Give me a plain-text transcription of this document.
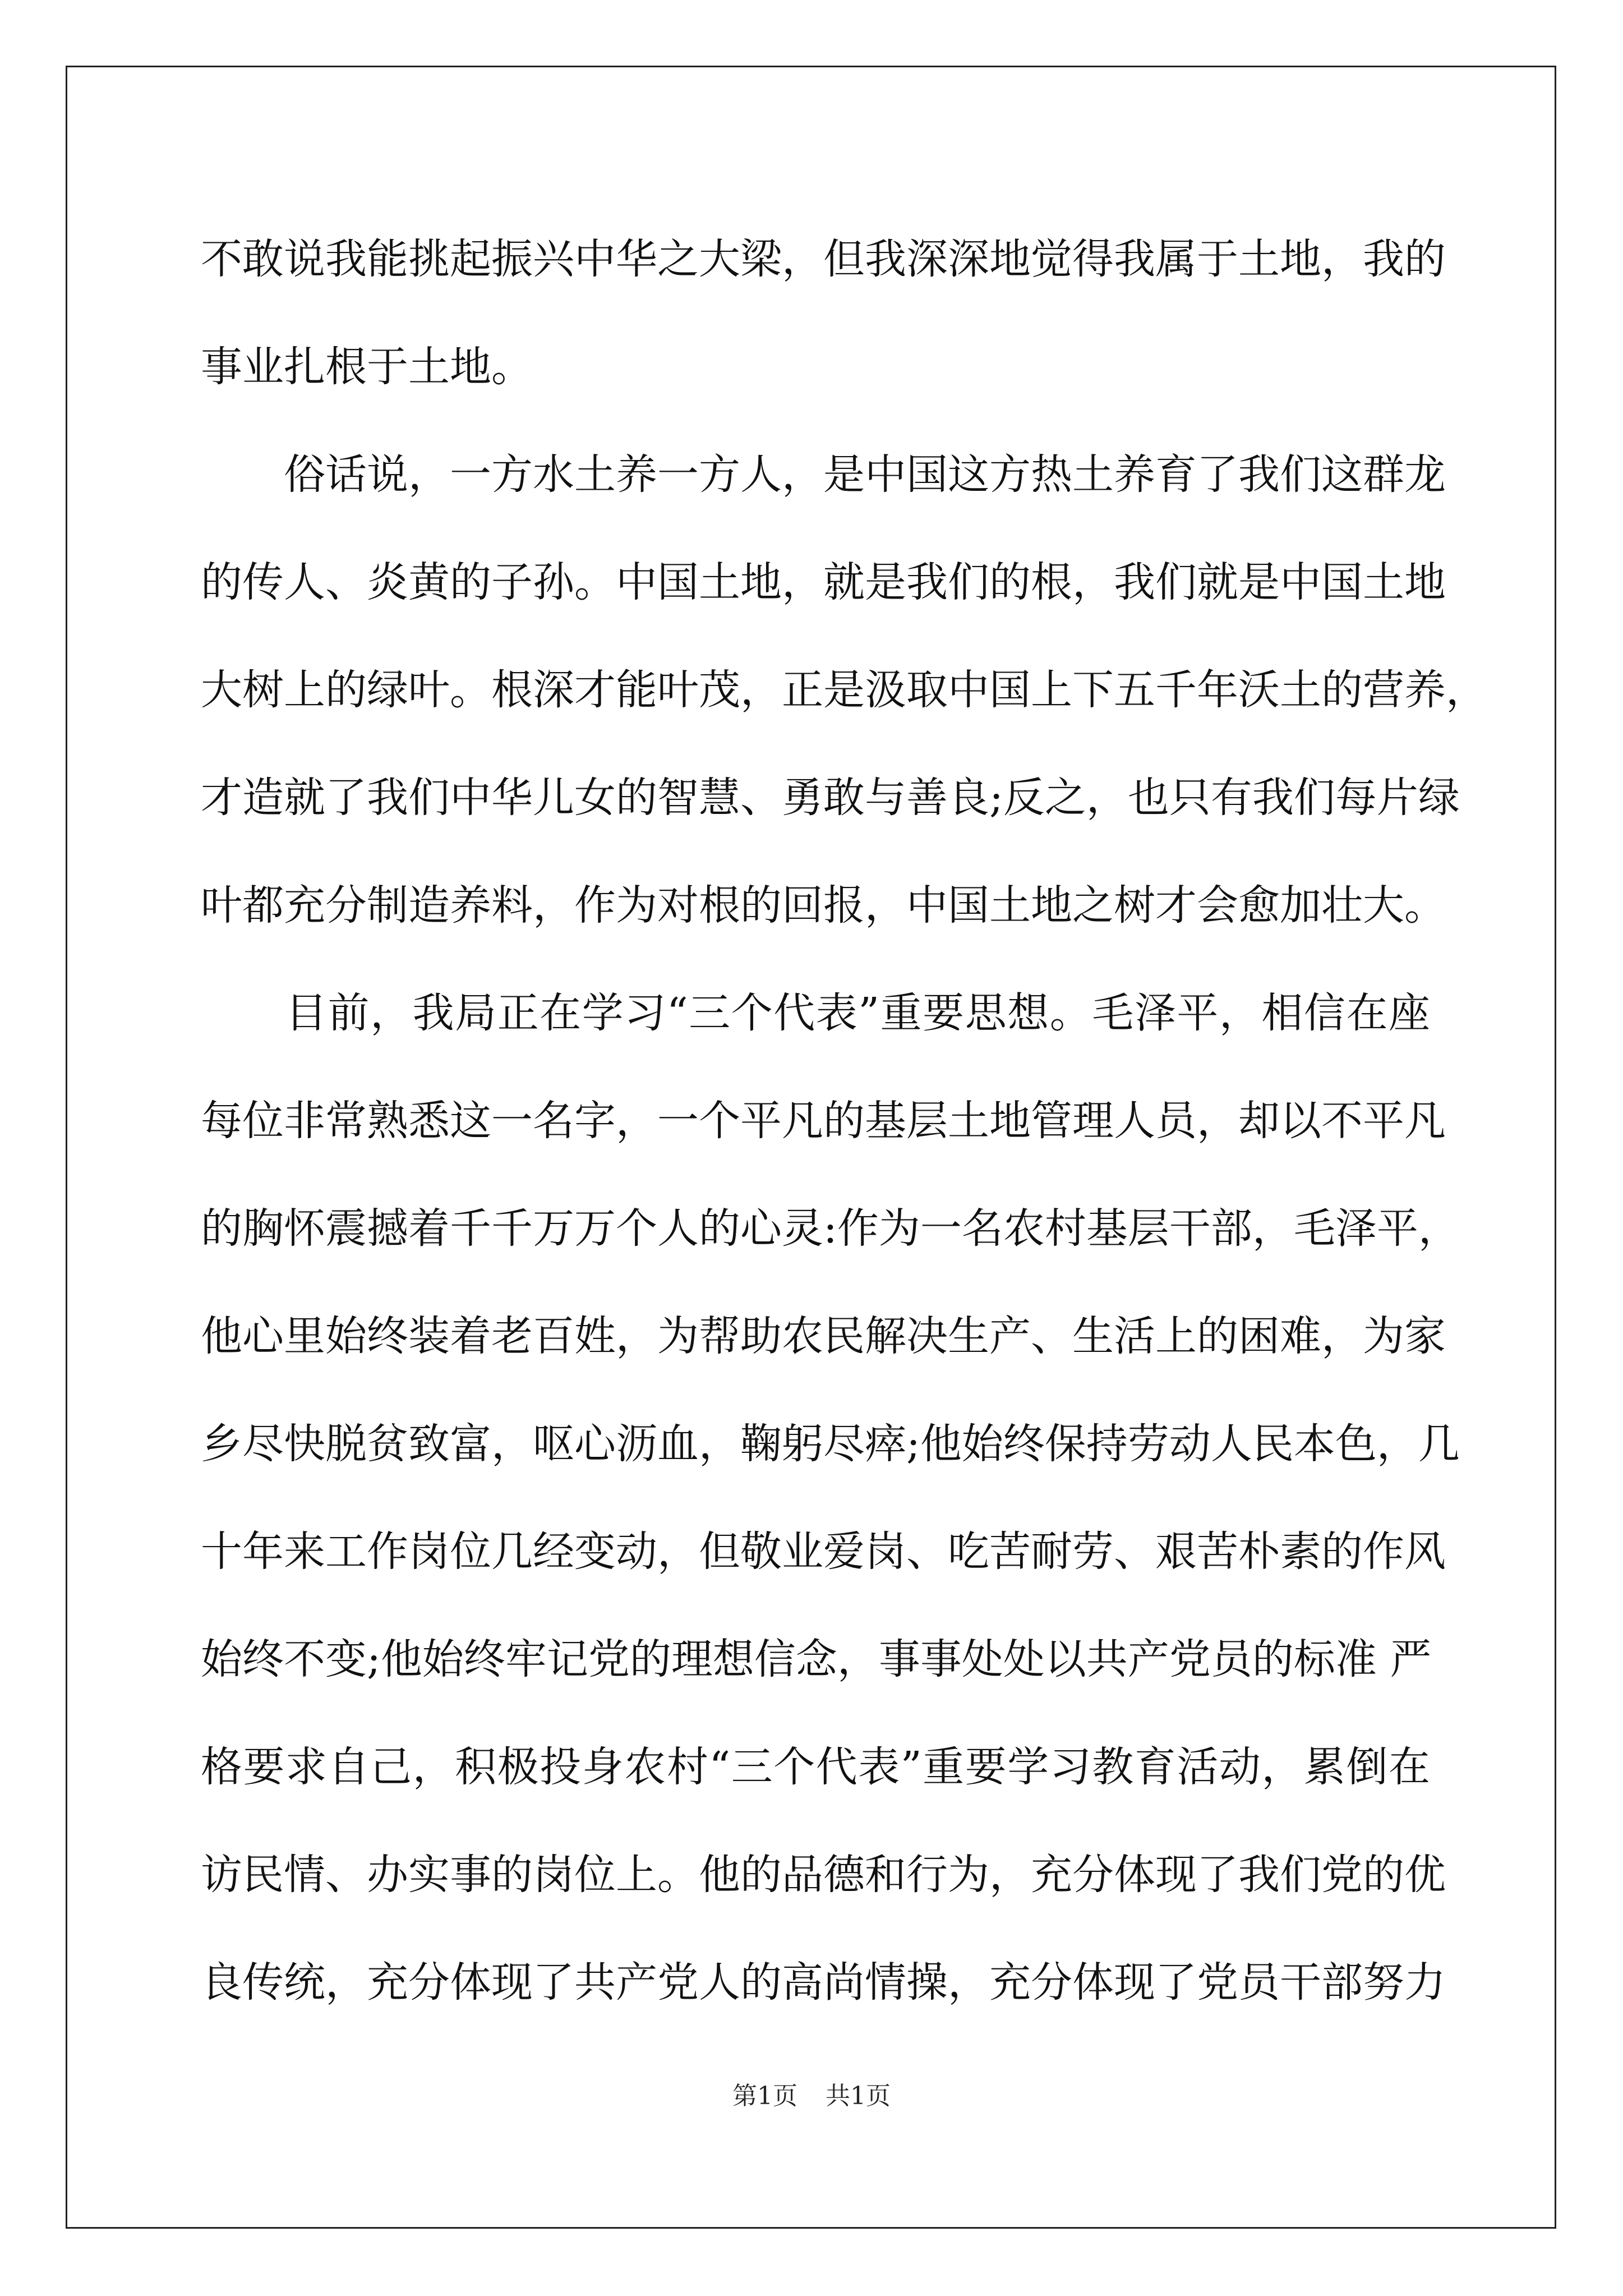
不敢说我能挑起振兴中华之大梁，但我深深地觉得我属于土地，我的
事业扎根于土地。
　　俗话说，一方水土养一方人，是中国这方热土养育了我们这群龙
的传人、炎黄的子孙。中国土地，就是我们的根，我们就是中国土地
大树上的绿叶。根深才能叶茂，正是汲取中国上下五千年沃土的营养，
才造就了我们中华儿女的智慧、勇敢与善良;反之，也只有我们每片绿
叶都充分制造养料，作为对根的回报，中国土地之树才会愈加壮大。
　　目前，我局正在学习“三个代表”重要思想。毛泽平，相信在座
每位非常熟悉这一名字，一个平凡的基层土地管理人员，却以不平凡
的胸怀震撼着千千万万个人的心灵:作为一名农村基层干部，毛泽平，
他心里始终装着老百姓，为帮助农民解决生产、生活上的困难，为家
乡尽快脱贫致富，呕心沥血，鞠躬尽瘁;他始终保持劳动人民本色，几
十年来工作岗位几经变动，但敬业爱岗、吃苦耐劳、艰苦朴素的作风
始终不变;他始终牢记党的理想信念，事事处处以共产党员的标准 严
格要求自己，积极投身农村“三个代表”重要学习教育活动，累倒在
访民情、办实事的岗位上。他的品德和行为，充分体现了我们党的优
良传统，充分体现了共产党人的高尚情操，充分体现了党员干部努力
第1页 共1页
